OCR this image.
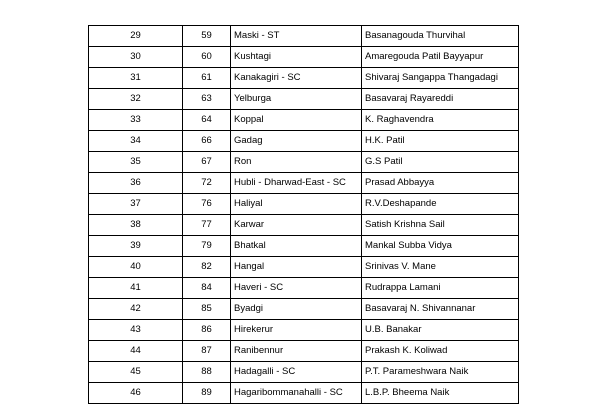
29	59	Maski - ST	Basanagouda Thurvihal
30	60	Kushtagi	Amaregouda Patil Bayyapur
31	61	Kanakagiri - SC	Shivaraj Sangappa Thangadagi
32	63	Yelburga	Basavaraj Rayareddi
33	64	Koppal	K. Raghavendra
34	66	Gadag	H.K. Patil
35	67	Ron	G.S Patil
36	72	Hubli - Dharwad-East - SC	Prasad Abbayya
37	76	Haliyal	R.V.Deshapande
38	77	Karwar	Satish Krishna Sail
39	79	Bhatkal	Mankal Subba Vidya
40	82	Hangal	Srinivas V. Mane
41	84	Haveri - SC	Rudrappa Lamani
42	85	Byadgi	Basavaraj N. Shivannanar
43	86	Hirekerur	U.B. Banakar
44	87	Ranibennur	Prakash K. Koliwad
45	88	Hadagalli - SC	P.T. Parameshwara Naik
46	89	Hagaribommanahalli - SC	L.B.P. Bheema Naik
